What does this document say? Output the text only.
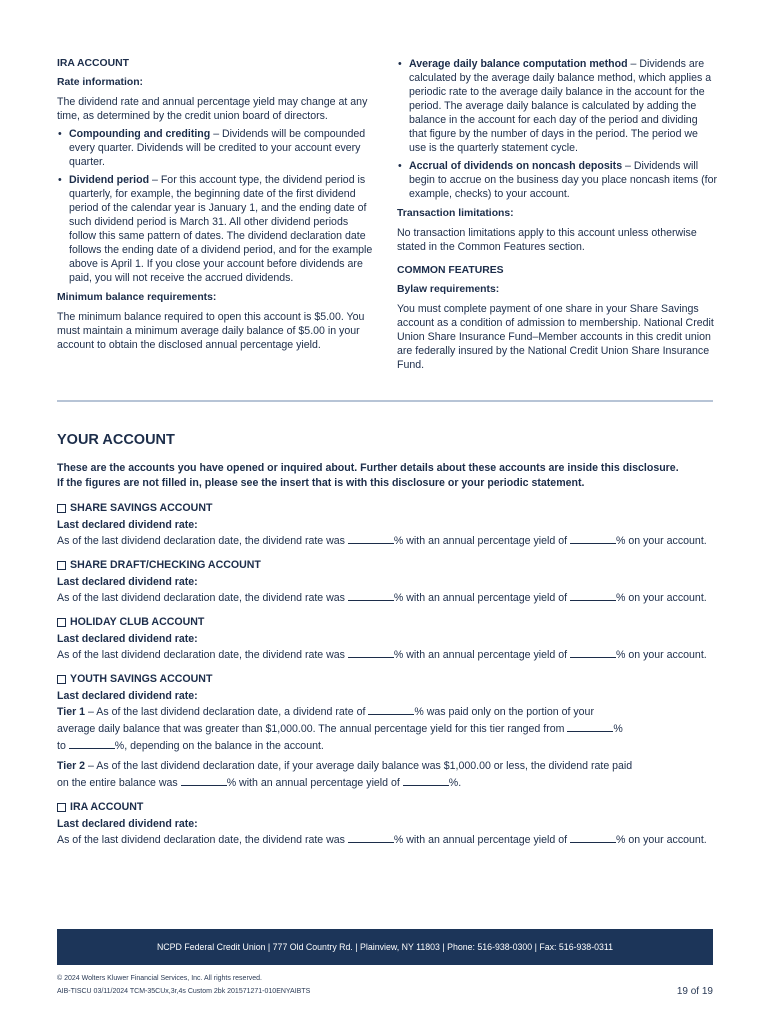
IRA ACCOUNT
Rate information:
The dividend rate and annual percentage yield may change at any time, as determined by the credit union board of directors.
• Compounding and crediting – Dividends will be compounded every quarter. Dividends will be credited to your account every quarter.
• Dividend period – For this account type, the dividend period is quarterly, for example, the beginning date of the first dividend period of the calendar year is January 1, and the ending date of such dividend period is March 31. All other dividend periods follow this same pattern of dates. The dividend declaration date follows the ending date of a dividend period, and for the example above is April 1. If you close your account before dividends are paid, you will not receive the accrued dividends.
Minimum balance requirements:
The minimum balance required to open this account is $5.00. You must maintain a minimum average daily balance of $5.00 in your account to obtain the disclosed annual percentage yield.
• Average daily balance computation method – Dividends are calculated by the average daily balance method, which applies a periodic rate to the average daily balance in the account for the period. The average daily balance is calculated by adding the balance in the account for each day of the period and dividing that figure by the number of days in the period. The period we use is the quarterly statement cycle.
• Accrual of dividends on noncash deposits – Dividends will begin to accrue on the business day you place noncash items (for example, checks) to your account.
Transaction limitations:
No transaction limitations apply to this account unless otherwise stated in the Common Features section.
COMMON FEATURES
Bylaw requirements:
You must complete payment of one share in your Share Savings account as a condition of admission to membership. National Credit Union Share Insurance Fund–Member accounts in this credit union are federally insured by the National Credit Union Share Insurance Fund.
YOUR ACCOUNT
These are the accounts you have opened or inquired about. Further details about these accounts are inside this disclosure.
If the figures are not filled in, please see the insert that is with this disclosure or your periodic statement.
SHARE SAVINGS ACCOUNT
Last declared dividend rate:
As of the last dividend declaration date, the dividend rate was	% with an annual percentage yield of	% on your account.
SHARE DRAFT/CHECKING ACCOUNT
Last declared dividend rate:
As of the last dividend declaration date, the dividend rate was	% with an annual percentage yield of	% on your account.
HOLIDAY CLUB ACCOUNT
Last declared dividend rate:
As of the last dividend declaration date, the dividend rate was	% with an annual percentage yield of	% on your account.
YOUTH SAVINGS ACCOUNT
Last declared dividend rate:
Tier 1 – As of the last dividend declaration date, a dividend rate of	% was paid only on the portion of your
average daily balance that was greater than $1,000.00. The annual percentage yield for this tier ranged from	%
to	%, depending on the balance in the account.
Tier 2 – As of the last dividend declaration date, if your average daily balance was $1,000.00 or less, the dividend rate paid
on the entire balance was	% with an annual percentage yield of	%.
IRA ACCOUNT
Last declared dividend rate:
As of the last dividend declaration date, the dividend rate was	% with an annual percentage yield of	% on your account.
NCPD Federal Credit Union | 777 Old Country Rd. | Plainview, NY 11803 | Phone: 516-938-0300 | Fax: 516-938-0311
© 2024 Wolters Kluwer Financial Services, Inc. All rights reserved.
AIB-TISCU 03/11/2024 TCM-35CUx,3r,4s Custom 2bk 201571271-010ENYAIBTS	19 of 19
